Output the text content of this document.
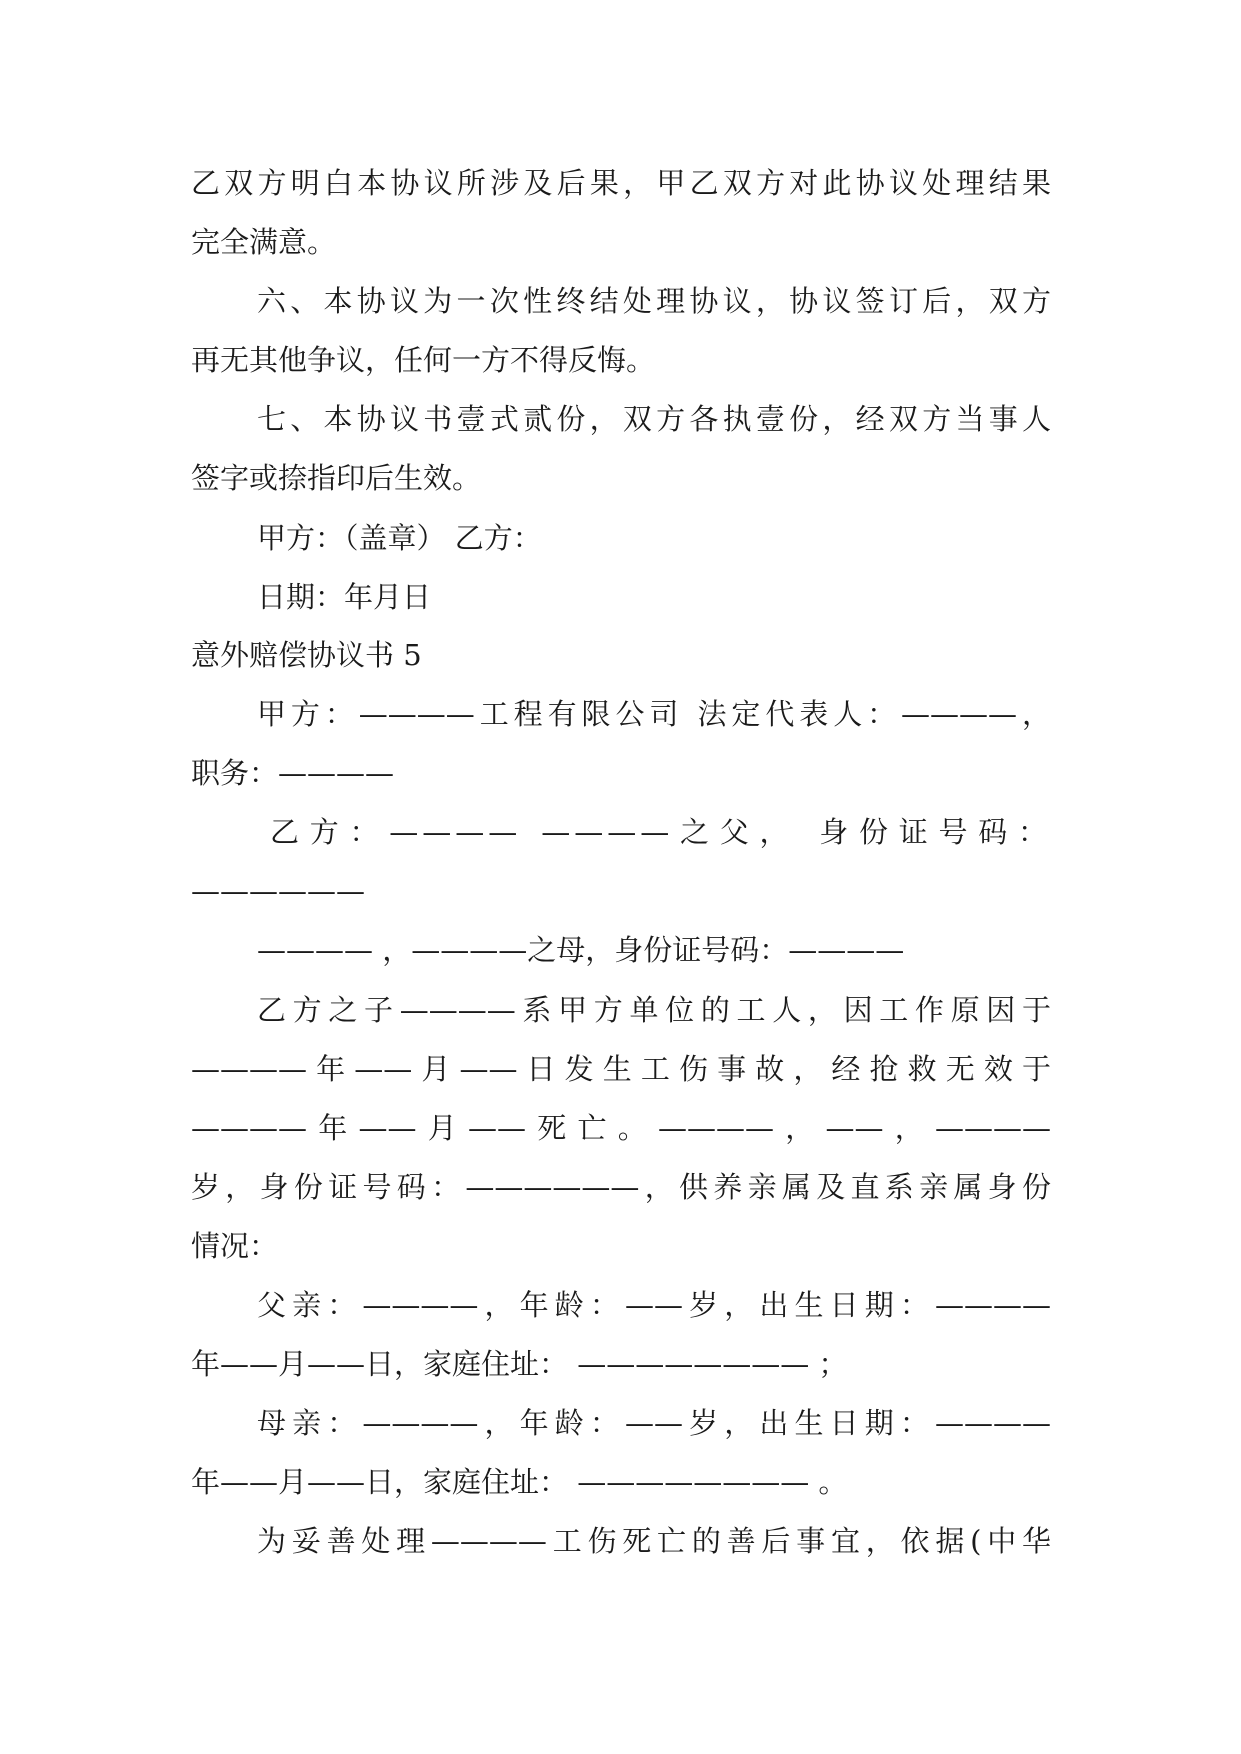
乙双方明白本协议所涉及后果，甲乙双方对此协议处理结果
完全满意。
六、本协议为一次性终结处理协议，协议签订后，双方
再无其他争议，任何一方不得反悔。
七、本协议书壹式贰份，双方各执壹份，经双方当事人
签字或捺指印后生效。
甲方：（盖章） 乙方：
日期：年月日
意外赔偿协议书 5
甲方：————工程有限公司 法定代表人：————，
职务：————
乙方：———— ————之父， 身份证号码：
——————
———— ，————之母，身份证号码：————
乙方之子————系甲方单位的工人，因工作原因于
————年——月——日发生工伤事故，经抢救无效于
————年——月——死亡。————，——，————
岁，身份证号码：——————，供养亲属及直系亲属身份
情况：
父亲：————，年龄：——岁，出生日期：————
年——月——日，家庭住址： ———————— ；
母亲：————，年龄：——岁，出生日期：————
年——月——日，家庭住址： ———————— 。
为妥善处理————工伤死亡的善后事宜，依据(中华
